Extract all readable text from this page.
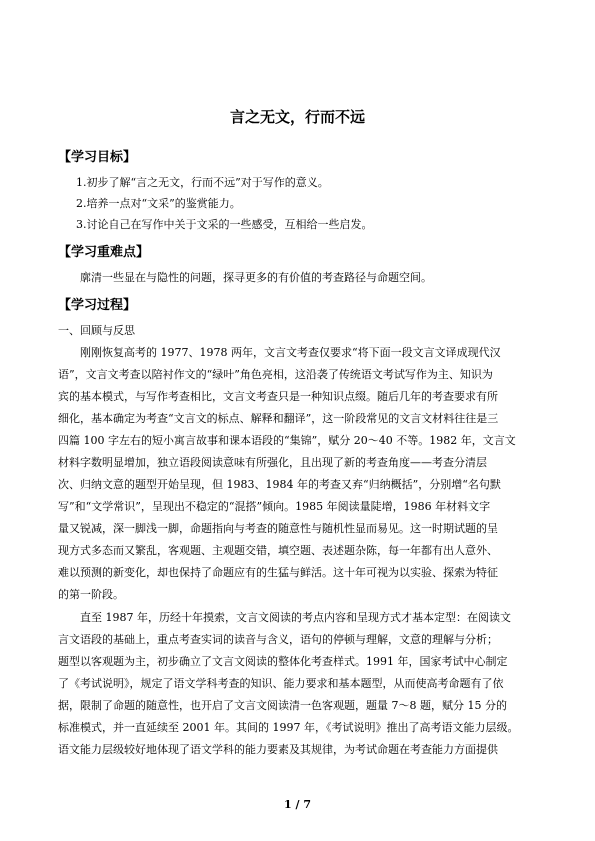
言之无文，行而不远
【学习目标】
1.初步了解“言之无文，行而不远”对于写作的意义。
2.培养一点对“文采”的鉴赏能力。
3.讨论自己在写作中关于文采的一些感受，互相给一些启发。
【学习重难点】
廓清一些显在与隐性的问题，探寻更多的有价值的考查路径与命题空间。
【学习过程】
一、回顾与反思
刚刚恢复高考的 1977、1978 两年，文言文考查仅要求“将下面一段文言文译成现代汉
语”，文言文考查以陪衬作文的“绿叶”角色亮相，这沿袭了传统语文考试写作为主、知识为
宾的基本模式，与写作考查相比，文言文考查只是一种知识点缀。随后几年的考查要求有所
细化，基本确定为考查“文言文的标点、解释和翻译”，这一阶段常见的文言文材料往往是三
四篇 100 字左右的短小寓言故事和课本语段的“集锦”，赋分 20～40 不等。1982 年，文言文
材料字数明显增加，独立语段阅读意味有所强化，且出现了新的考查角度——考查分清层
次、归纳文意的题型开始呈现，但 1983、1984 年的考查又弃“归纳概括”，分别增“名句默
写”和“文学常识”，呈现出不稳定的“混搭”倾向。1985 年阅读量陡增，1986 年材料文字
量又锐减，深一脚浅一脚，命题指向与考查的随意性与随机性显而易见。这一时期试题的呈
现方式多态而又繁乱，客观题、主观题交错，填空题、表述题杂陈，每一年都有出人意外、
难以预测的新变化，却也保持了命题应有的生猛与鲜活。这十年可视为以实验、探索为特征
的第一阶段。
直至 1987 年，历经十年摸索，文言文阅读的考点内容和呈现方式才基本定型：在阅读文
言文语段的基础上，重点考查实词的读音与含义，语句的停顿与理解，文意的理解与分析；
题型以客观题为主，初步确立了文言文阅读的整体化考查样式。1991 年，国家考试中心制定
了《考试说明》，规定了语文学科考查的知识、能力要求和基本题型，从而使高考命题有了依
据，限制了命题的随意性，也开启了文言文阅读清一色客观题，题量 7～8 题，赋分 15 分的
标准模式，并一直延续至 2001 年。其间的 1997 年，《考试说明》推出了高考语文能力层级。
语文能力层级较好地体现了语文学科的能力要素及其规律，为考试命题在考查能力方面提供
1 / 7
